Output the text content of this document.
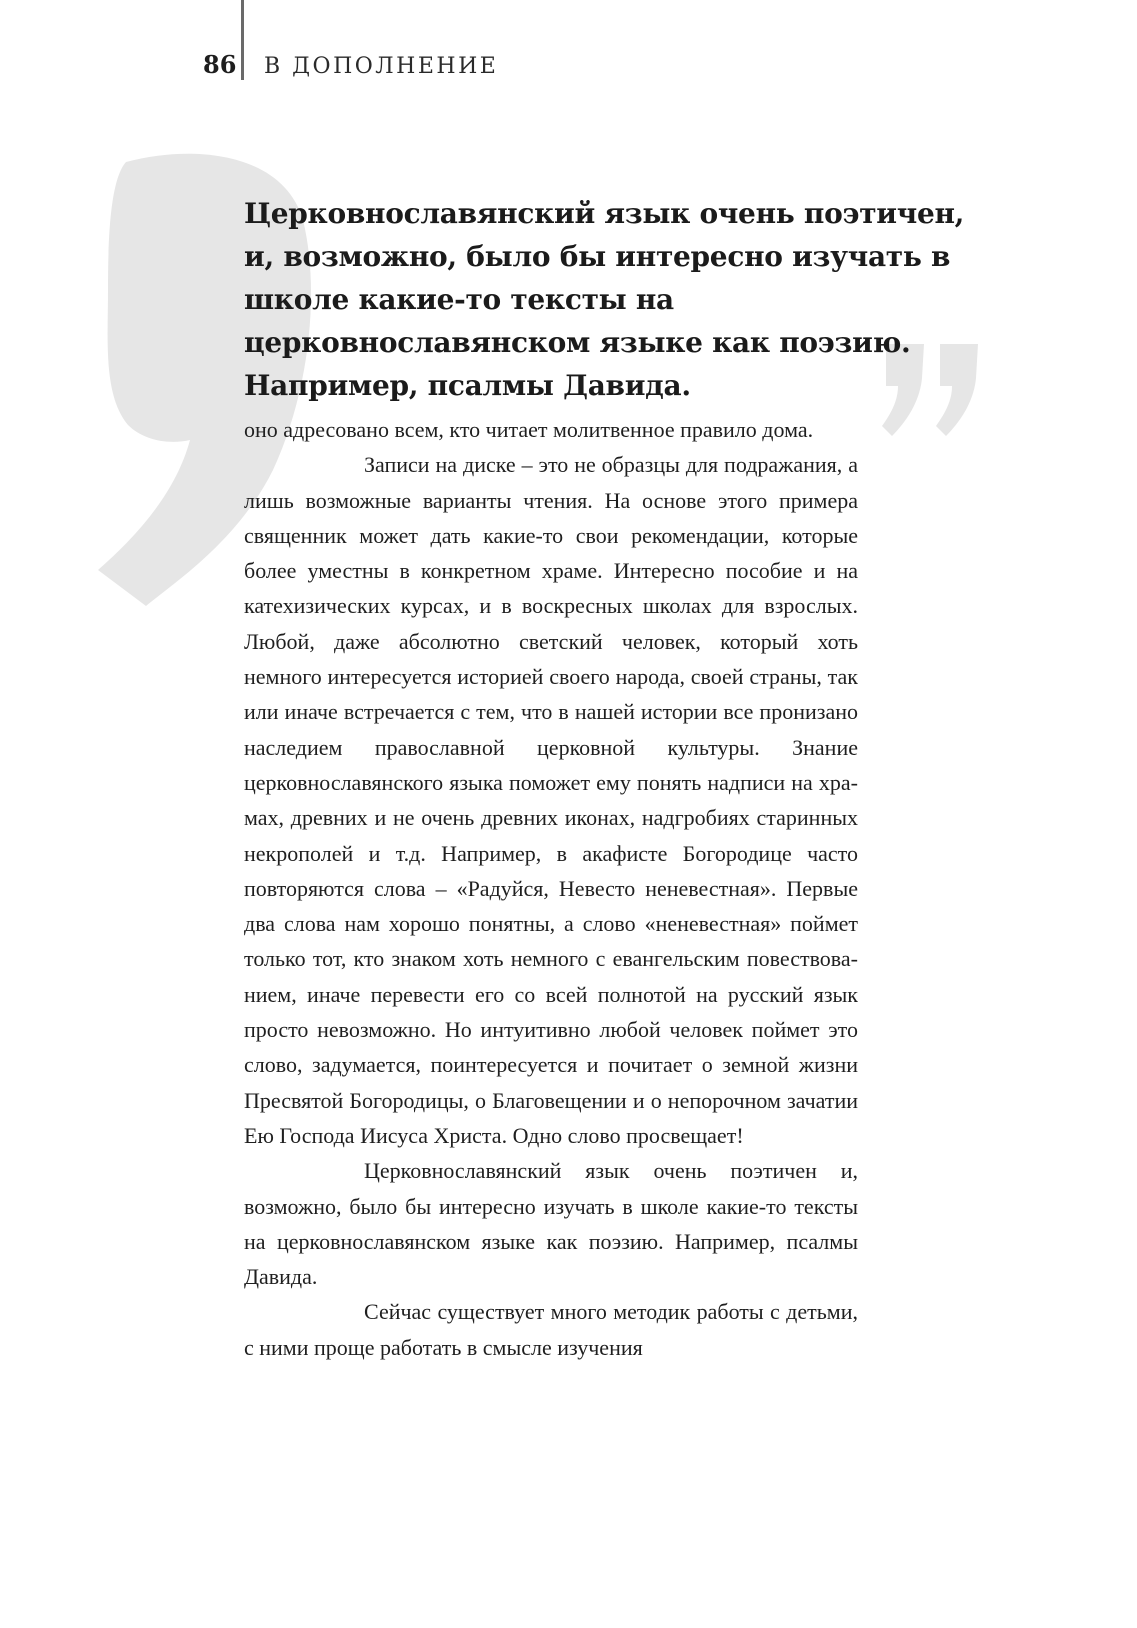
86 В ДОПОЛНЕНИЕ

Церковнославянский язык очень поэтичен, и, возможно, было бы интересно изучать в школе какие-то тексты на церковнославянском языке как поэзию. Например, псалмы Давида.

оно адресовано всем, кто читает молитвенное правило дома.

Записи на диске – это не образцы для подражания, а лишь возможные варианты чтения. На основе этого примера священник может дать какие-то свои рекомендации, которые более уместны в конкретном храме. Интересно пособие и на катехизических курсах, и в воскресных школах для взрослых. Любой, даже абсолютно светский человек, который хоть немного интересуется историей своего народа, своей страны, так или иначе встречается с тем, что в нашей истории все пронизано наследием православной церковной культуры. Знание церковнославянского языка поможет ему понять надписи на храмах, древних и не очень древних иконах, надгробиях старинных некрополей и т.д. Например, в акафисте Богородице часто повторяются слова – «Радуйся, Невесто неневестная». Первые два слова нам хорошо понятны, а слово «неневестная» поймет только тот, кто знаком хоть немного с евангельским повествованием, иначе перевести его со всей полнотой на русский язык просто невозможно. Но интуитивно любой человек поймет это слово, задумается, поинтересуется и почитает о земной жизни Пресвятой Богородицы, о Благовещении и о непорочном зачатии Ею Господа Иисуса Христа. Одно слово просвещает!

Церковнославянский язык очень поэтичен и, возможно, было бы интересно изучать в школе какие-то тексты на церковнославянском языке как поэзию. Например, псалмы Давида.

Сейчас существует много методик работы с детьми, с ними проще работать в смысле изучения
